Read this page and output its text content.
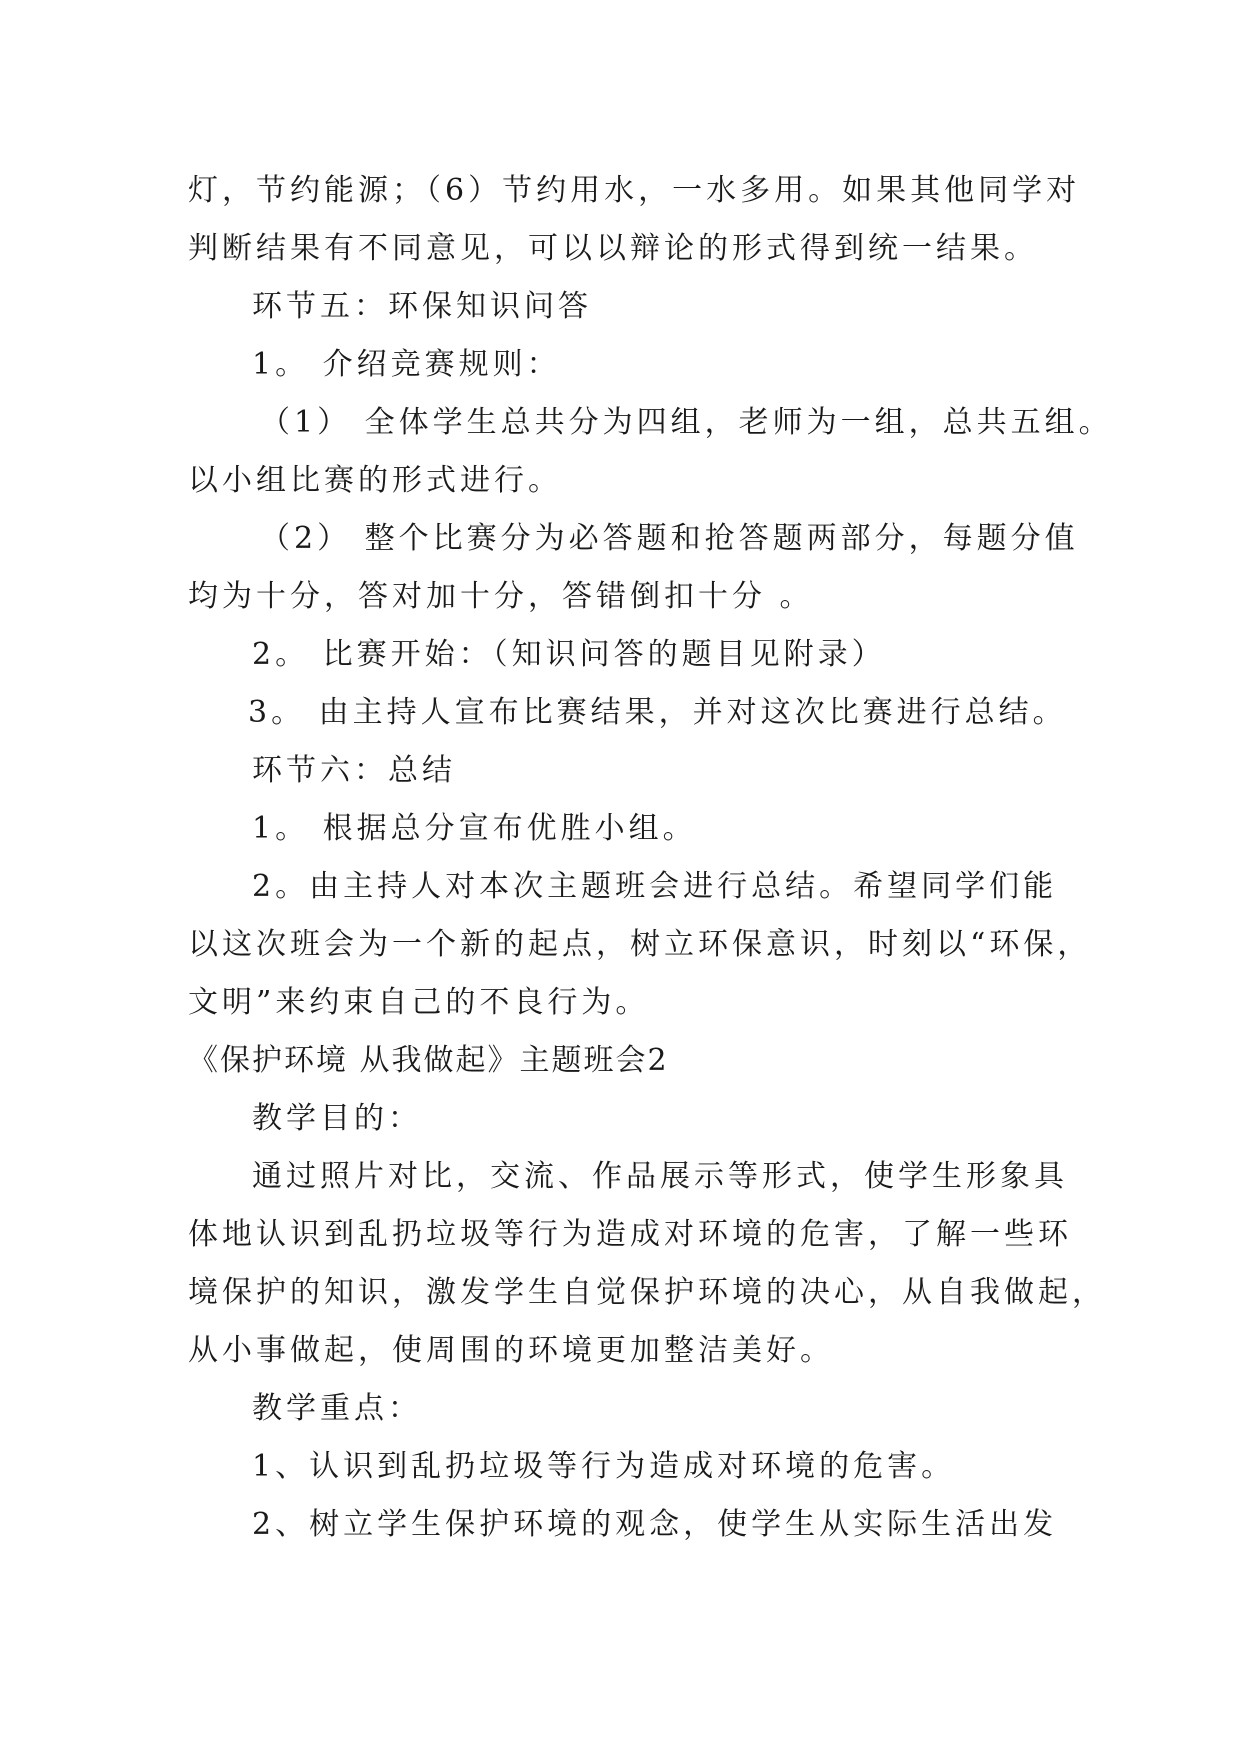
灯，节约能源；（6）节约用水，一水多用。如果其他同学对
判断结果有不同意见，可以以辩论的形式得到统一结果。
环节五：环保知识问答
1。 介绍竞赛规则：
（1） 全体学生总共分为四组，老师为一组，总共五组。
以小组比赛的形式进行。
（2） 整个比赛分为必答题和抢答题两部分，每题分值
均为十分，答对加十分，答错倒扣十分 。
2。 比赛开始：（知识问答的题目见附录）
3。 由主持人宣布比赛结果，并对这次比赛进行总结。
环节六：总结
1。 根据总分宣布优胜小组。
2。由主持人对本次主题班会进行总结。希望同学们能
以这次班会为一个新的起点，树立环保意识，时刻以“环保，
文明”来约束自己的不良行为。
《保护环境 从我做起》主题班会2
教学目的：
通过照片对比，交流、作品展示等形式，使学生形象具
体地认识到乱扔垃圾等行为造成对环境的危害，了解一些环
境保护的知识，激发学生自觉保护环境的决心，从自我做起，
从小事做起，使周围的环境更加整洁美好。
教学重点：
1、认识到乱扔垃圾等行为造成对环境的危害。
2、树立学生保护环境的观念，使学生从实际生活出发
